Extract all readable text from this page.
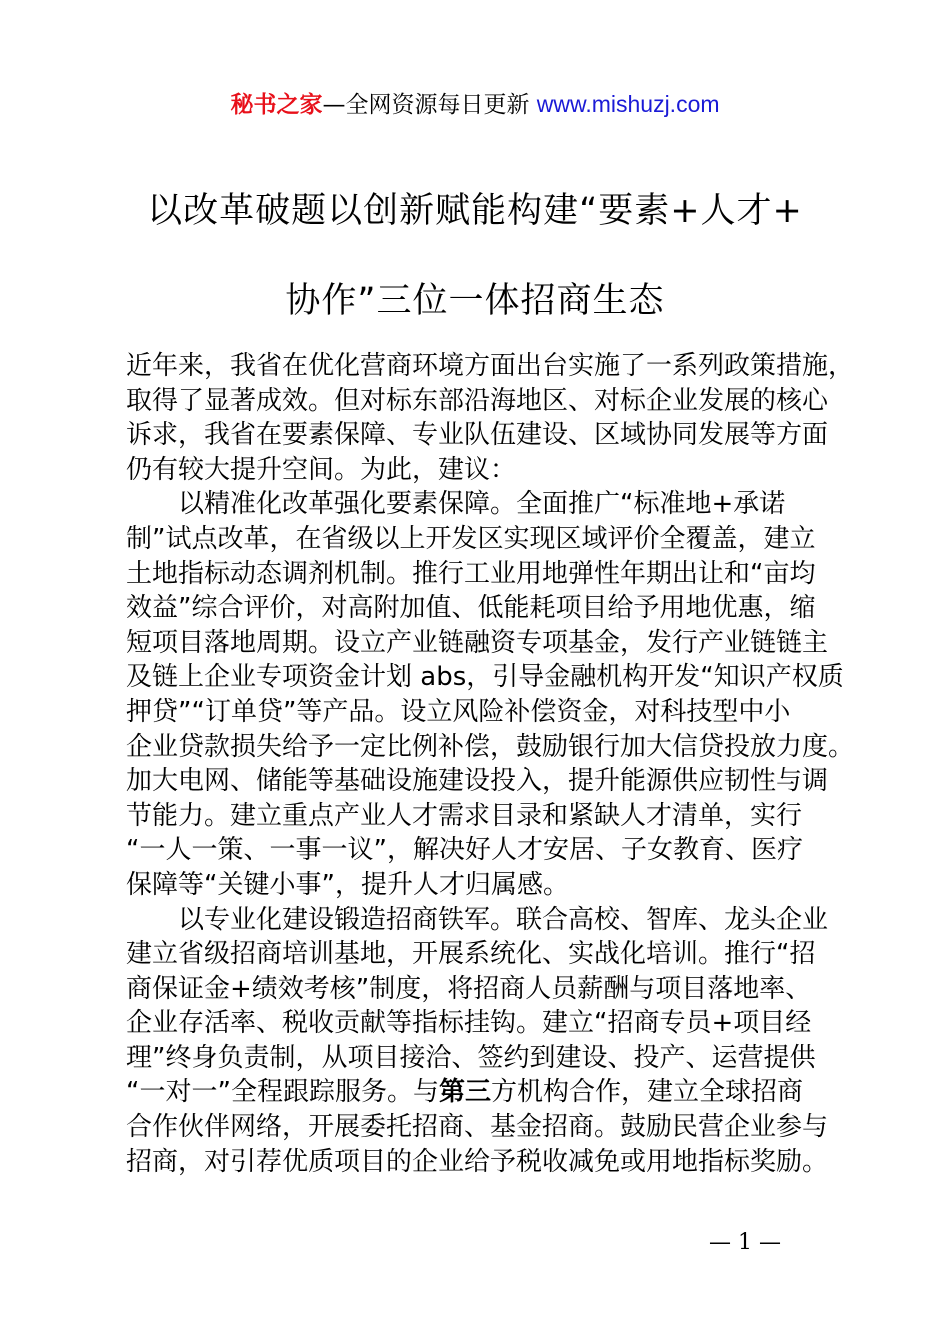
秘书之家—全网资源每日更新 www.mishuzj.com
以改革破题以创新赋能构建“要素+人才+
协作”三位一体招商生态
近年来，我省在优化营商环境方面出台实施了一系列政策措施，
取得了显著成效。但对标东部沿海地区、对标企业发展的核心
诉求，我省在要素保障、专业队伍建设、区域协同发展等方面
仍有较大提升空间。为此，建议：
以精准化改革强化要素保障。全面推广“标准地+承诺
制”试点改革，在省级以上开发区实现区域评价全覆盖，建立
土地指标动态调剂机制。推行工业用地弹性年期出让和“亩均
效益”综合评价，对高附加值、低能耗项目给予用地优惠，缩
短项目落地周期。设立产业链融资专项基金，发行产业链链主
及链上企业专项资金计划 abs，引导金融机构开发“知识产权质
押贷”“订单贷”等产品。设立风险补偿资金，对科技型中小
企业贷款损失给予一定比例补偿，鼓励银行加大信贷投放力度。
加大电网、储能等基础设施建设投入，提升能源供应韧性与调
节能力。建立重点产业人才需求目录和紧缺人才清单，实行
“一人一策、一事一议”，解决好人才安居、子女教育、医疗
保障等“关键小事”，提升人才归属感。
以专业化建设锻造招商铁军。联合高校、智库、龙头企业
建立省级招商培训基地，开展系统化、实战化培训。推行“招
商保证金+绩效考核”制度，将招商人员薪酬与项目落地率、
企业存活率、税收贡献等指标挂钩。建立“招商专员+项目经
理”终身负责制，从项目接洽、签约到建设、投产、运营提供
“一对一”全程跟踪服务。与第三方机构合作，建立全球招商
合作伙伴网络，开展委托招商、基金招商。鼓励民营企业参与
招商，对引荐优质项目的企业给予税收减免或用地指标奖励。
— 1 —
